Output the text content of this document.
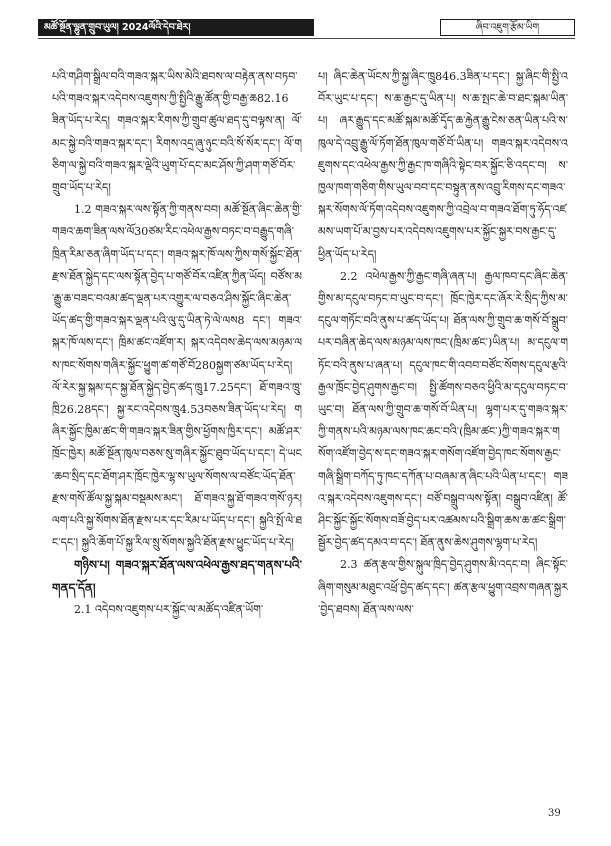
མཚོ་སྔོན་ལྷུན་གྲུབ་ཡུལ། 2024ལོའི་དེབ་ཐེར།	ཞིབ་འཇུག་རྩོམ་ཡིག

པའི་གཤིག་སྒྲིལ་བའི་གཟའ་སྐར་ཡིས་མེའི་ཐབས་ལ་བརྟེན་ནས་བཏབ་པའི་གཟའ་སྐར་འདེབས་འཇུགས་ཀྱི་སྤྱིའི་རྒྱུ་ཚོན་གྱི་བརྒྱ་ཆ82.16ཟིན་ཡོད་པ་རེད། གཟའ་སྐར་རིགས་ཀྱི་གྲུབ་ཚུལ་ཐད་དུ་བལྟས་ན། ལོ་མང་སྐྱེ་བའི་གཟའ་སྐར་དང་། རིགས་འདྲ་ཞུ་ཉུང་བའི་སོ་སོར་དང་། ལོ་གཅིག་ལ་སྐྱེ་བའི་གཟའ་སྐར་ལྡེའི་ཡུག་པོ་དང་མང་ཤོས་ཀྱི་ཤག་གཙོ་བོར་གྲུབ་ཡོད་པ་རེད།

1.2 གཟའ་སྐར་ལས་སྟོན་ཀྱི་གནས་བབ། མཚོ་སྔོན་ཞིང་ཆེན་གྱི་གཟའ་ཆག་ཟིན་ལས་ལོ30ཙམ་རིང་འཕེལ་རྒྱས་བཏང་བ་བརྒྱུད་གཞི་ཁྲིན་རིམ་ཅན་ཞིག་ཡོད་པ་དང་། གཟའ་སྐར་ཁོ་ལས་ཀྱིས་གསོ་སྐྱོང་ཐོན་རྫས་ཐོན་སྐྱེད་དང་ལས་སྟོན་བྱེད་པ་གཙོ་བོར་འཛིན་ཀྱིན་ཡོད། བཙོས་མ་རྒྱུ་ཆ་བཟང་བའམ་ཚད་ལྡན་པར་འགྱུར་ལ་བཅའ་ཤིས་སྐྱོང་ཞིང་ཆེན་ཡོད་ཚད་གྱི་གཟའ་སྐར་ལྡན་པའི་ལུ་དུ་ཡིན་ཏེ་ལེ་ལས8 དང་། གཟའ་སྐར་ཁོ་ལས་དང་། ཁྲིམ་ཚང་འཛོག་ར། སྐར་འདེབས་ཆེད་ལས་མཉམ་ལས་ཁང་སོགས་གཞིར་སྐྱོང་ཕྱུག་ཚ་གཙོ་བོ280སྐྱག་ཙམ་ཡོད་པ་རེད། ལོ་རེར་སྐྱ་སྐམ་དང་སྐྱ་ཐོན་སྐྱེད་བྱེད་ཚད་ཁྲུ17.25དང་། ཐོ་གཟའ་ཁྲུ་ཁྲི26.28དང་། སྐྱ་རང་འདེབས་ཁྲུ4.53བཅས་ཟིན་ཡོད་པ་རེད། གཞིར་སྐྱོང་ཁྱིམ་ཚང་གི་གཟའ་སྐར་ཟིན་གྱིས་ཕྱོགས་ཁྱིར་དང་། མཚོ་ཤར་ཁྲོང་ཁྱེར། མཚོ་སྔོན་ཁུལ་བཅས་སུ་གཞིར་སྐྱོང་ཐུབ་ཡོད་པ་དང་། དེ་ཡང་ཆབ་སྲིད་དང་ཐོག་ཤར་ཁྲོང་ཁྱེར་ལྷ་ས་ཡུལ་སོགས་ལ་བཙོང་ཡོད་ཐོན་རྫས་གསོ་ཚོལ་སྐྱ་སྐམ་བསྡམས་མང་། ཐོ་གཟའ་སྐྱ་ཐོ་གཟའ་གསོ་ཉར། ལག་པའི་སྐྱ་སོགས་ཐོན་རྫས་པར་དང་རིམ་པ་ཡོད་པ་དང་། སྐྱའི་སྤོ་ལེ་ཐང་དང་། སྐྱའི་ཆོག་པོ་སྐྱ་རིལ་སྲུ་སོགས་སྐྱའི་ཐོན་རྫས་ཕྱུང་ཡོད་པ་རེད།

གཉིས་པ། གཟའ་སྐར་ཐོན་ལས་འཕེལ་རྒྱས་ཐད་གནས་པའི་གནད་དོན།

2.1 འདེབས་འཇུགས་པར་སྐྱོང་ལ་མཚོད་འཛིན་ཡོག་

པ། ཞིང་ཆེན་ཡོངས་ཀྱི་སྐྱ་ཞིང་ཁྲུ846.3ཟིན་པ་དང་། སྐྱ་ཞིང་གི་སྤྱི་འབོར་ཡུང་པ་དང་། ས་ཆ་རྒྱང་དུ་ཡིན་པ། ས་ཆ་སྤང་ཆེ་བ་ཐང་སྐམ་ཡིན་པ། ཞར་རྒྱུད་དང་མཚོ་སྐམ་མཚོ་དྭོད་ཆ་རྐྱེན་རྒྱུ་ངེས་ཅན་ཡིན་པའི་ས་ཁུལ་དེ་འབྲུ་རྒྱུ་ལོ་ཏོག་ཐོན་ཁུལ་གཙོ་བོ་ཡིན་པ། གཟའ་སྐར་འདེབས་འཇུགས་དང་འཕེལ་རྒྱས་ཀྱི་རྒྱང་ཁ་གཞིའི་སྟེང་བར་སྐྱོང་ཅི་འདང་བ། ས་ཁྱལ་ཁག་གཅིག་གིས་ཡུལ་བབ་དང་བསྟུན་ནས་འབྲུ་རིགས་དང་གཟའ་སྐར་སོགས་ལོ་ཏོག་འདེབས་འཇུགས་ཀྱི་འབྲེལ་བ་གཟའ་ཐོག་ཏུ་ཧོད་འཛམས་ཡག་པོ་མ་བྱས་པར་འདེབས་འཇུགས་པར་སྐྱོང་སྐྱར་བས་རྒྱང་དུ་ཕྱིན་ཡོད་པ་རེད།

2.2 འཕེལ་རྒྱས་ཀྱི་རྒྱང་གཞི་ཞན་པ། རྒྱལ་ཁབ་དང་ཞིང་ཆེན་གྱིས་མ་དངུལ་བཏང་བ་ཡུང་བ་དང་། ཁྲོང་ཁྱེར་དང་ཞོར་རེ་སྲིད་ཀྱིས་མ་དངུལ་གཏོང་བའི་ནུས་པ་ཚད་ཡོད་པ། ཐོན་ལས་ཀྱི་གྲུབ་ཆ་གསོ་བོ་སྒྲུབ་པར་བཞིན་ཆེད་ལས་མཉམ་ལས་ཁང་(ཁྲིམ་ཚང་)ཡིན་པ། མ་དངུལ་གཏོང་བའི་ནུས་པ་ཞན་པ། དངུལ་ཁང་གི་འབབ་བཙོང་སོགས་དངུལ་རྩའི་རྒྱལ་ཁྲོང་བྱེད་ཤུགས་རྒྱང་བ། སྤྱི་ཚོགས་བཅའ་ཕྱིའི་མ་དངུལ་བཏང་བ་ཡུང་བ། ཐོན་ལས་ཀྱི་གྲུབ་ཆ་གསོ་བོ་ཡིན་པ། ལྷག་པར་དུ་གཟའ་སྐར་ཀྱི་གནས་པའི་མཉམ་ལས་ཁང་ཆང་བའི་(ཁྲིམ་ཚང་)ཀྱི་གཟའ་སྐར་གསོག་འཛོག་བྱེད་ས་དང་གཟའ་སྐར་གསོག་འཛོག་བྱེད་ཁང་སོགས་རྒྱང་གཞི་སྒྲིག་བཀོད་ཏུ་ཁང་དཀོན་པ་བཞམ་ན་ཞིང་པའི་ཡིན་པ་དང་། གཟའ་སྐར་འདེབས་འཇུགས་དང་། བཙོ་བསྒྲུབ་ལས་སྟོན། བསྒྲུབ་འཛིན། ཚོ་ཤིང་སྐྱོང་སྐྱོང་སོགས་བཟོ་བྱེད་པར་འཚམས་པའི་སྒྲིག་ཆས་ཆ་ཚང་སྒྲིག་སྦྱོར་བྱེད་ཚད་དམའ་བ་དང་། ཐོན་ནུས་ཆེས་ཤུགས་ལྷག་པ་རེད།

2.3 ཚན་རྩལ་གྱིས་སྐུལ་ཁྲིད་བྱེད་ཤུགས་མི་འདང་བ། ཞིང་སྟོང་ཞིག་གསུམ་མཐུང་འཕྲོ་བྱེད་ཚད་དང་། ཚན་རྩལ་ཕྱུག་འབྲས་གཞན་སྐྱར་བྱེད་ཐབས། ཐོན་ལས་ལས་

39
